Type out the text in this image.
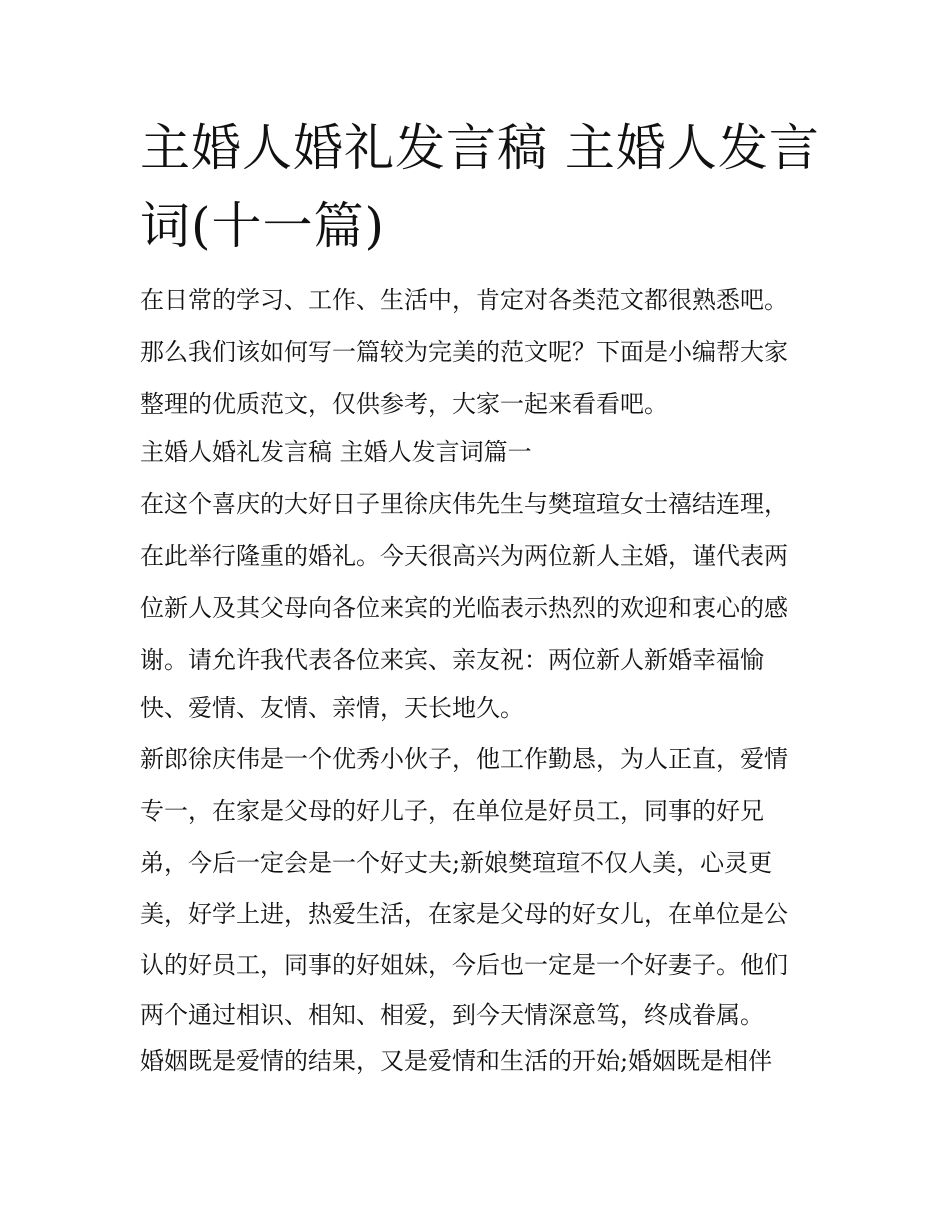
主婚人婚礼发言稿 主婚人发言
词(十一篇)
在日常的学习、工作、生活中，肯定对各类范文都很熟悉吧。
那么我们该如何写一篇较为完美的范文呢？下面是小编帮大家
整理的优质范文，仅供参考，大家一起来看看吧。
主婚人婚礼发言稿 主婚人发言词篇一
在这个喜庆的大好日子里徐庆伟先生与樊瑄瑄女士禧结连理，
在此举行隆重的婚礼。今天很高兴为两位新人主婚，谨代表两
位新人及其父母向各位来宾的光临表示热烈的欢迎和衷心的感
谢。请允许我代表各位来宾、亲友祝：两位新人新婚幸福愉
快、爱情、友情、亲情，天长地久。
新郎徐庆伟是一个优秀小伙子，他工作勤恳，为人正直，爱情
专一，在家是父母的好儿子，在单位是好员工，同事的好兄
弟，今后一定会是一个好丈夫;新娘樊瑄瑄不仅人美，心灵更
美，好学上进，热爱生活，在家是父母的好女儿，在单位是公
认的好员工，同事的好姐妹，今后也一定是一个好妻子。他们
两个通过相识、相知、相爱，到今天情深意笃，终成眷属。
婚姻既是爱情的结果，又是爱情和生活的开始;婚姻既是相伴
